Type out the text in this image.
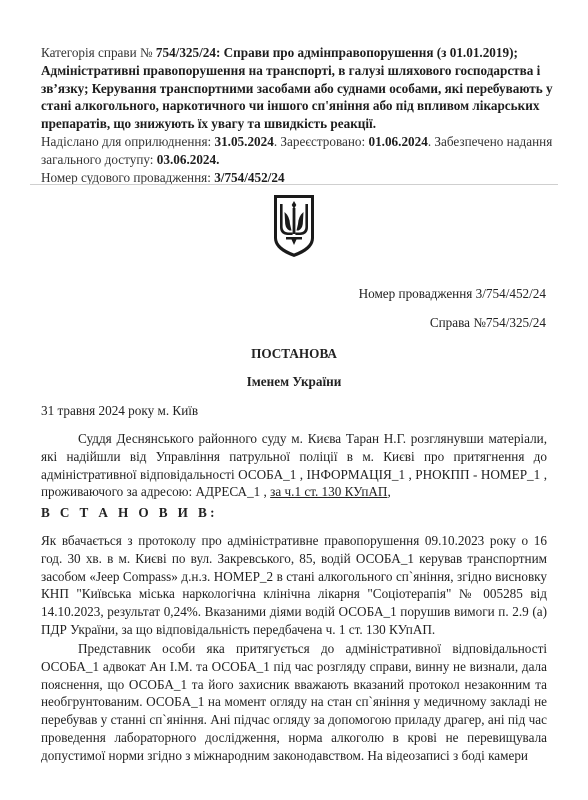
Категорія справи № 754/325/24: Справи про адмінправопорушення (з 01.01.2019); Адміністративні правопорушення на транспорті, в галузі шляхового господарства і зв’язку; Керування транспортними засобами або суднами особами, які перебувають у стані алкогольного, наркотичного чи іншого сп'яніння або під впливом лікарських препаратів, що знижують їх увагу та швидкість реакції.

Надіслано для оприлюднення: 31.05.2024. Зареєстровано: 01.06.2024. Забезпечено надання загального доступу: 03.06.2024.

Номер судового провадження: 3/754/452/24

Номер провадження 3/754/452/24
Справа №754/325/24
ПОСТАНОВА
Іменем України
31 травня 2024 року м. Київ

Суддя Деснянського районного суду м. Києва Таран Н.Г. розглянувши матеріали, які надійшли від Управління патрульної поліції в м. Києві про притягнення до адміністративної відповідальності ОСОБА_1 , ІНФОРМАЦІЯ_1 , РНОКПП - НОМЕР_1 , проживаючого за адресою: АДРЕСА_1 , за ч.1 ст. 130 КУпАП,

В С Т А Н О В И В:

Як вбачається з протоколу про адміністративне правопорушення 09.10.2023 року о 16 год. 30 хв. в м. Києві по вул. Закревського, 85, водій ОСОБА_1 керував транспортним засобом «Jeep Compass» д.н.з. НОМЕР_2 в стані алкогольного сп`яніння, згідно висновку КНП "Київська міська наркологічна клінічна лікарня "Соціотерапія" № 005285 від 14.10.2023, результат 0,24%. Вказаними діями водій ОСОБА_1 порушив вимоги п. 2.9 (а) ПДР України, за що відповідальність передбачена ч. 1 ст. 130 КУпАП.

Представник особи яка притягується до адміністративної відповідальності ОСОБА_1 адвокат Ан І.М. та ОСОБА_1 під час розгляду справи, винну не визнали, дала пояснення, що ОСОБА_1 та його захисник вважають вказаний протокол незаконним та необгрунтованим. ОСОБА_1 на момент огляду на стан сп`яніння у медичному закладі не перебував у станні сп`яніння. Ані підчас огляду за допомогою приладу драгер, ані під час проведення лабораторного дослідження, норма алкоголю в крові не перевищувала допустимої норми згідно з міжнародним законодавством. На відеозаписі з боді камери
